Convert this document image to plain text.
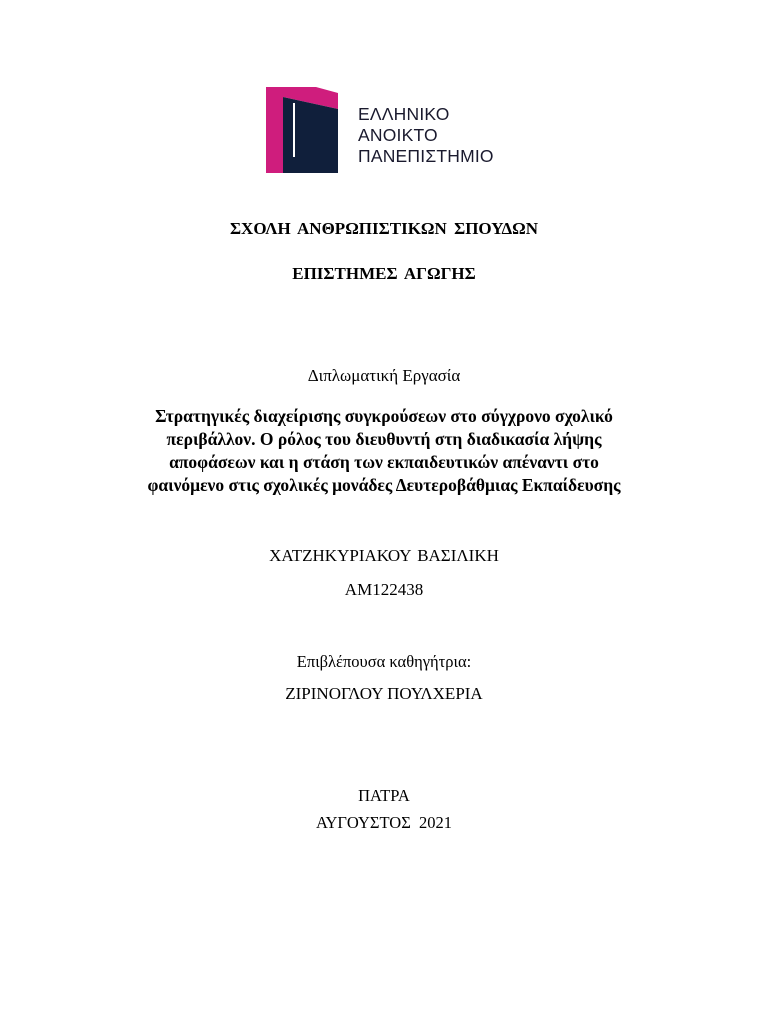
ΕΛΛΗΝΙΚΟ
ΑΝΟΙΚΤΟ
ΠΑΝΕΠΙΣΤΗΜΙΟ
ΣΧΟΛΗ ΑΝΘΡΩΠΙΣΤΙΚΩΝ ΣΠΟΥΔΩΝ
ΕΠΙΣΤΗΜΕΣ ΑΓΩΓΗΣ
Διπλωματική Εργασία
Στρατηγικές διαχείρισης συγκρούσεων στο σύγχρονο σχολικό
περιβάλλον. Ο ρόλος του διευθυντή στη διαδικασία λήψης
αποφάσεων και η στάση των εκπαιδευτικών απέναντι στο
φαινόμενο στις σχολικές μονάδες Δευτεροβάθμιας Εκπαίδευσης
ΧΑΤΖΗΚΥΡΙΑΚΟΥ ΒΑΣΙΛΙΚΗ
ΑΜ122438
Επιβλέπουσα καθηγήτρια:
ΖΙΡΙΝΟΓΛΟΥ ΠΟΥΛΧΕΡΙΑ
ΠΑΤΡΑ
ΑΥΓΟΥΣΤΟΣ 2021
